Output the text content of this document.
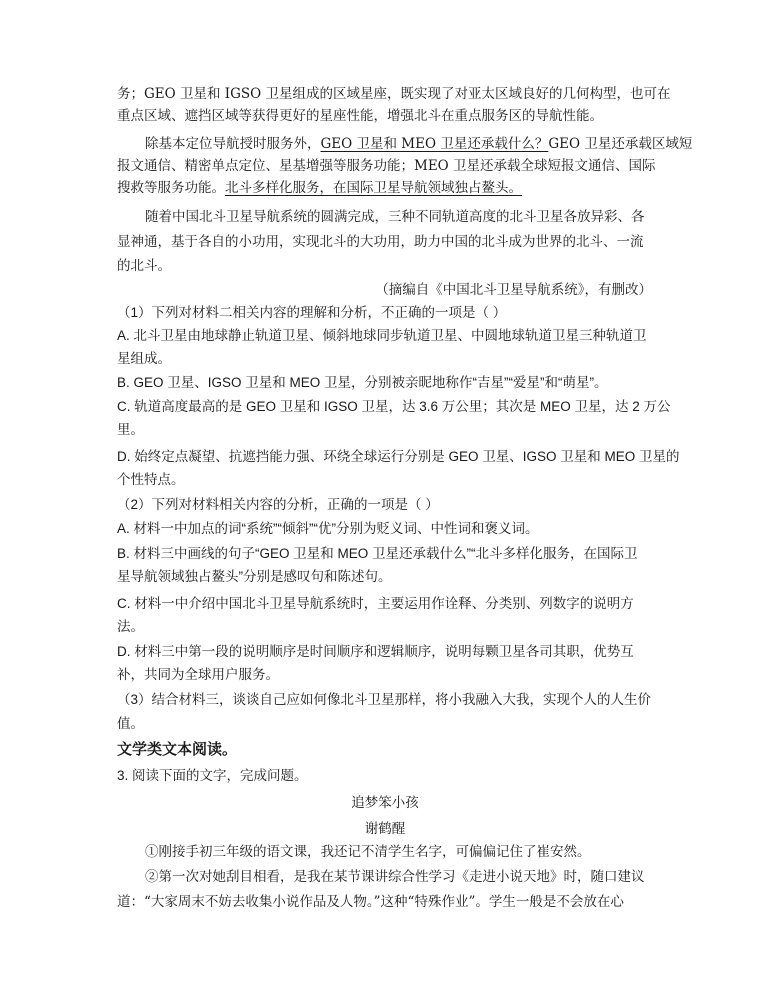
务；GEO 卫星和 IGSO 卫星组成的区域星座，既实现了对亚太区域良好的几何构型，也可在
重点区域、遮挡区域等获得更好的星座性能，增强北斗在重点服务区的导航性能。
除基本定位导航授时服务外，GEO 卫星和 MEO 卫星还承载什么？GEO 卫星还承载区域短
报文通信、精密单点定位、星基增强等服务功能；MEO 卫星还承载全球短报文通信、国际
搜救等服务功能。北斗多样化服务，在国际卫星导航领域独占鳌头。
随着中国北斗卫星导航系统的圆满完成，三种不同轨道高度的北斗卫星各放异彩、各
显神通，基于各自的小功用，实现北斗的大功用，助力中国的北斗成为世界的北斗、一流
的北斗。
（摘编自《中国北斗卫星导航系统》，有删改）
（1）下列对材料二相关内容的理解和分析，不正确的一项是（ ）
A. 北斗卫星由地球静止轨道卫星、倾斜地球同步轨道卫星、中圆地球轨道卫星三种轨道卫
星组成。
B. GEO 卫星、IGSO 卫星和 MEO 卫星，分别被亲昵地称作“吉星”“爱星”和“萌星”。
C. 轨道高度最高的是 GEO 卫星和 IGSO 卫星，达 3.6 万公里；其次是 MEO 卫星，达 2 万公
里。
D. 始终定点凝望、抗遮挡能力强、环绕全球运行分别是 GEO 卫星、IGSO 卫星和 MEO 卫星的
个性特点。
（2）下列对材料相关内容的分析，正确的一项是（ ）
A. 材料一中加点的词“系统”“倾斜”“优”分别为贬义词、中性词和褒义词。
B. 材料三中画线的句子“GEO 卫星和 MEO 卫星还承载什么”“北斗多样化服务，在国际卫
星导航领域独占鳌头”分别是感叹句和陈述句。
C. 材料一中介绍中国北斗卫星导航系统时，主要运用作诠释、分类别、列数字的说明方
法。
D. 材料三中第一段的说明顺序是时间顺序和逻辑顺序，说明每颗卫星各司其职，优势互
补，共同为全球用户服务。
（3）结合材料三，谈谈自己应如何像北斗卫星那样，将小我融入大我，实现个人的人生价
值。
文学类文本阅读。
3. 阅读下面的文字，完成问题。
追梦笨小孩
谢鹤醒
①刚接手初三年级的语文课，我还记不清学生名字，可偏偏记住了崔安然。
②第一次对她刮目相看，是我在某节课讲综合性学习《走进小说天地》时，随口建议
道：“大家周末不妨去收集小说作品及人物。”这种“特殊作业”。学生一般是不会放在心
